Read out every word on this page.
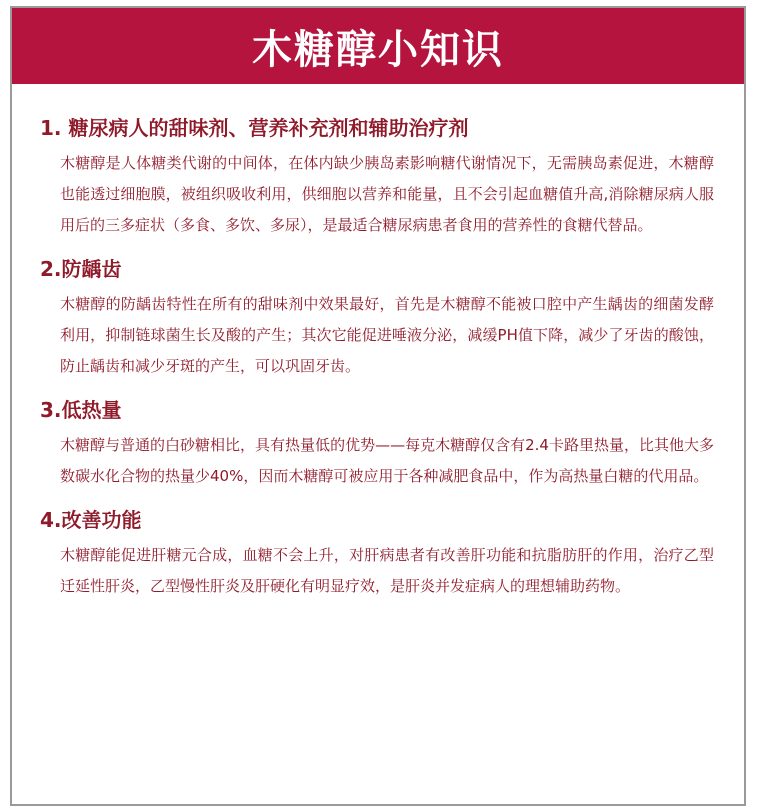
木糖醇小知识
1. 糖尿病人的甜味剂、营养补充剂和辅助治疗剂
木糖醇是人体糖类代谢的中间体，在体内缺少胰岛素影响糖代谢情况下，无需胰岛素促进，木糖醇也能透过细胞膜，被组织吸收利用，供细胞以营养和能量，且不会引起血糖值升高,消除糖尿病人服用后的三多症状（多食、多饮、多尿），是最适合糖尿病患者食用的营养性的食糖代替品。
2.防龋齿
木糖醇的防龋齿特性在所有的甜味剂中效果最好，首先是木糖醇不能被口腔中产生龋齿的细菌发酵利用，抑制链球菌生长及酸的产生；其次它能促进唾液分泌，减缓PH值下降，减少了牙齿的酸蚀，防止龋齿和减少牙斑的产生，可以巩固牙齿。
3.低热量
木糖醇与普通的白砂糖相比，具有热量低的优势——每克木糖醇仅含有2.4卡路里热量，比其他大多数碳水化合物的热量少40%，因而木糖醇可被应用于各种减肥食品中，作为高热量白糖的代用品。
4.改善功能
木糖醇能促进肝糖元合成，血糖不会上升，对肝病患者有改善肝功能和抗脂肪肝的作用，治疗乙型迁延性肝炎，乙型慢性肝炎及肝硬化有明显疗效，是肝炎并发症病人的理想辅助药物。
